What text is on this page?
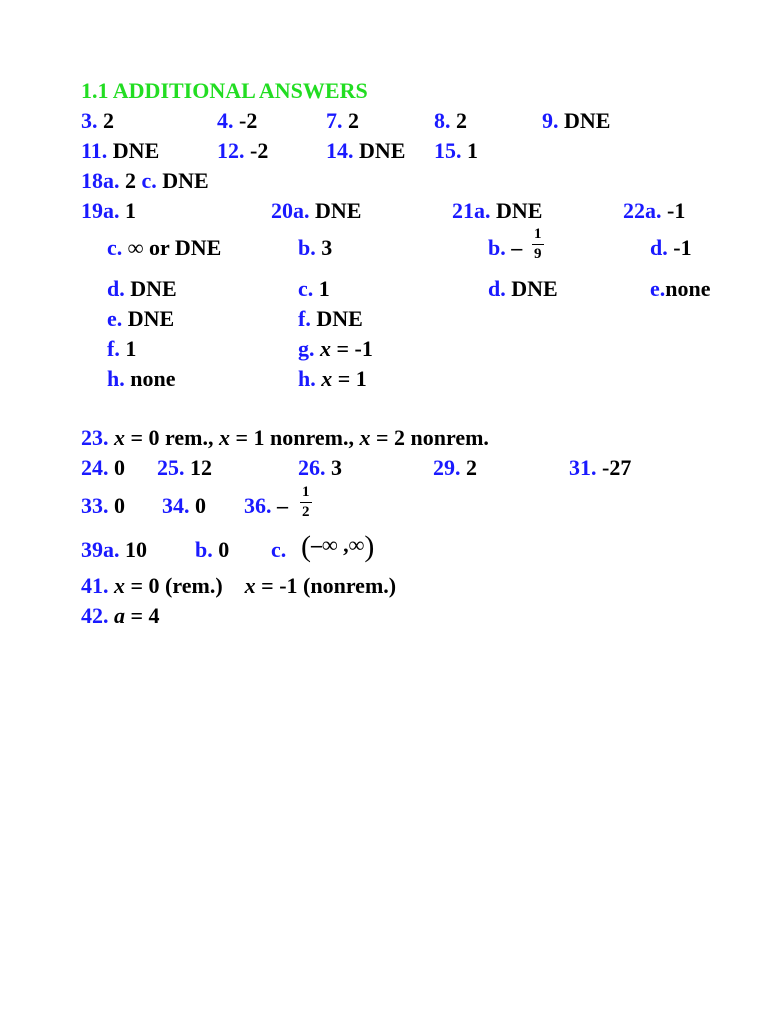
1.1 ADDITIONAL ANSWERS
3. 2	4. -2	7. 2	8. 2	9. DNE
11. DNE	12. -2	14. DNE 15. 1
18a. 2 c. DNE
19a. 1	20a. DNE	21a. DNE	22a. -1
c. ∞ or DNE	b. 3	b. – $\frac{1}{9}$	d. -1
d. DNE	c. 1	d. DNE	e.none
e. DNE	f. DNE
f. 1	g. x = -1
h. none	h. x = 1
23. x = 0 rem., x = 1 nonrem., x = 2 nonrem.
24. 0 25. 12	26. 3	29. 2	31. -27
33. 0 34. 0 36. – $\frac{1}{2}$
39a. 10 b. 0 c. (–∞ ,∞)
41. x = 0 (rem.) x = -1 (nonrem.)
42. a = 4
